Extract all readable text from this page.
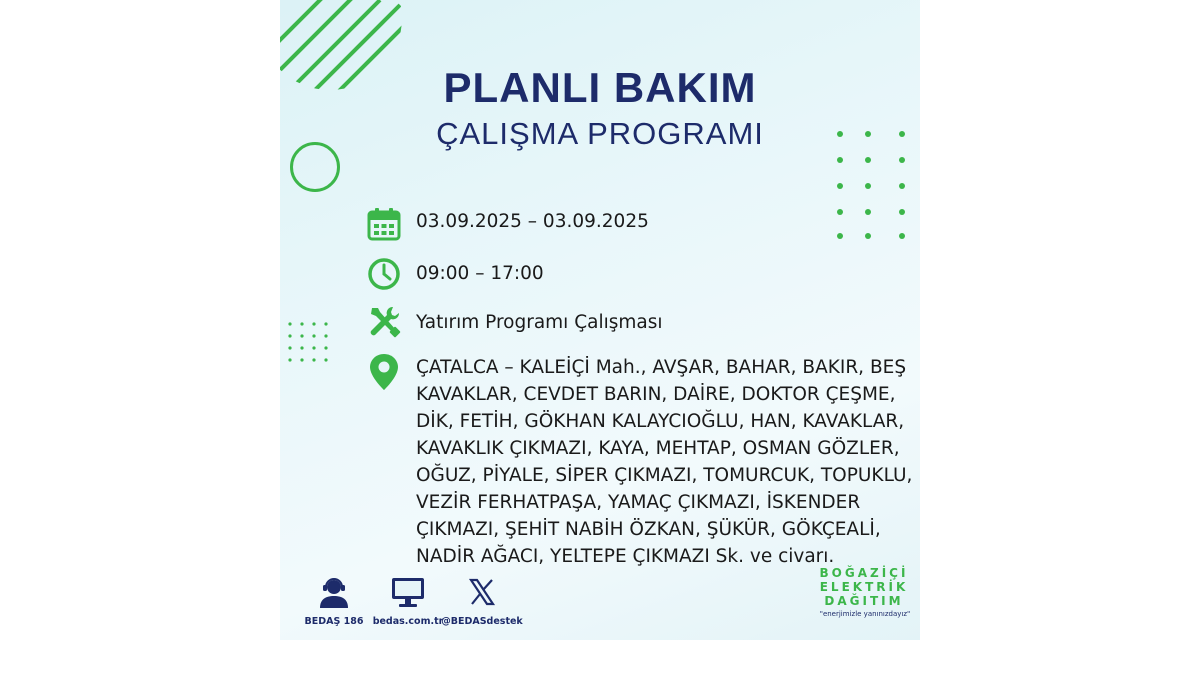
PLANLI BAKIM
ÇALIŞMA PROGRAMI
03.09.2025 – 03.09.2025
09:00 – 17:00
Yatırım Programı Çalışması
ÇATALCA – KALEİÇİ Mah., AVŞAR, BAHAR, BAKIR, BEŞ
KAVAKLAR, CEVDET BARIN, DAİRE, DOKTOR ÇEŞME,
DİK, FETİH, GÖKHAN KALAYCIOĞLU, HAN, KAVAKLAR,
KAVAKLIK ÇIKMAZI, KAYA, MEHTAP, OSMAN GÖZLER,
OĞUZ, PİYALE, SİPER ÇIKMAZI, TOMURCUK, TOPUKLU,
VEZİR FERHATPAŞA, YAMAÇ ÇIKMAZI, İSKENDER
ÇIKMAZI, ŞEHİT NABİH ÖZKAN, ŞÜKÜR, GÖKÇEALİ,
NADİR AĞACI, YELTEPE ÇIKMAZI Sk. ve civarı.
BEDAŞ 186 bedas.com.tr
@BEDASdestek
BOĞAZİÇİ
ELEKTRİK
DAĞITIM
"enerjimizle yanınızdayız"
